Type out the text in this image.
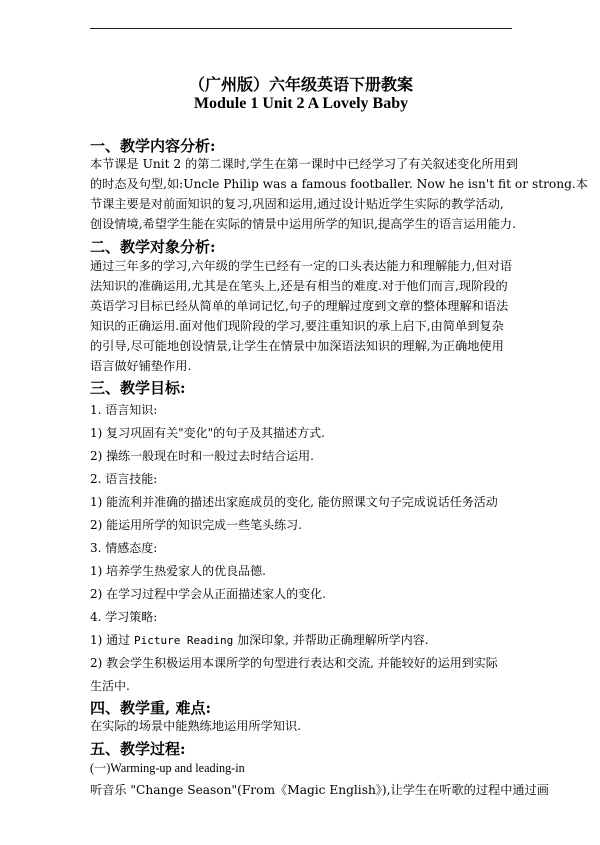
（广州版）六年级英语下册教案
Module 1 Unit 2 A Lovely Baby
一、教学内容分析:
本节课是 Unit 2 的第二课时,学生在第一课时中已经学习了有关叙述变化所用到
的时态及句型,如:Uncle Philip was a famous footballer. Now he isn't fit or strong.本
节课主要是对前面知识的复习,巩固和运用,通过设计贴近学生实际的教学活动,
创设情境,希望学生能在实际的情景中运用所学的知识,提高学生的语言运用能力.
二、教学对象分析:
通过三年多的学习,六年级的学生已经有一定的口头表达能力和理解能力,但对语
法知识的准确运用,尤其是在笔头上,还是有相当的难度.对于他们而言,现阶段的
英语学习目标已经从简单的单词记忆,句子的理解过度到文章的整体理解和语法
知识的正确运用.面对他们现阶段的学习,要注重知识的承上启下,由简单到复杂
的引导,尽可能地创设情景,让学生在情景中加深语法知识的理解,为正确地使用
语言做好铺垫作用.
三、教学目标:
1. 语言知识:
1) 复习巩固有关"变化"的句子及其描述方式.
2) 操练一般现在时和一般过去时结合运用.
2. 语言技能:
1) 能流利并准确的描述出家庭成员的变化, 能仿照课文句子完成说话任务活动
2) 能运用所学的知识完成一些笔头练习.
3. 情感态度:
1) 培养学生热爱家人的优良品德.
2) 在学习过程中学会从正面描述家人的变化.
4. 学习策略:
1) 通过 Picture Reading 加深印象, 并帮助正确理解所学内容.
2) 教会学生积极运用本课所学的句型进行表达和交流, 并能较好的运用到实际
生活中.
四、教学重, 难点:
在实际的场景中能熟练地运用所学知识.
五、教学过程:
(一)Warming-up and leading-in
听音乐 "Change Season"(From《Magic English》),让学生在听歌的过程中通过画
